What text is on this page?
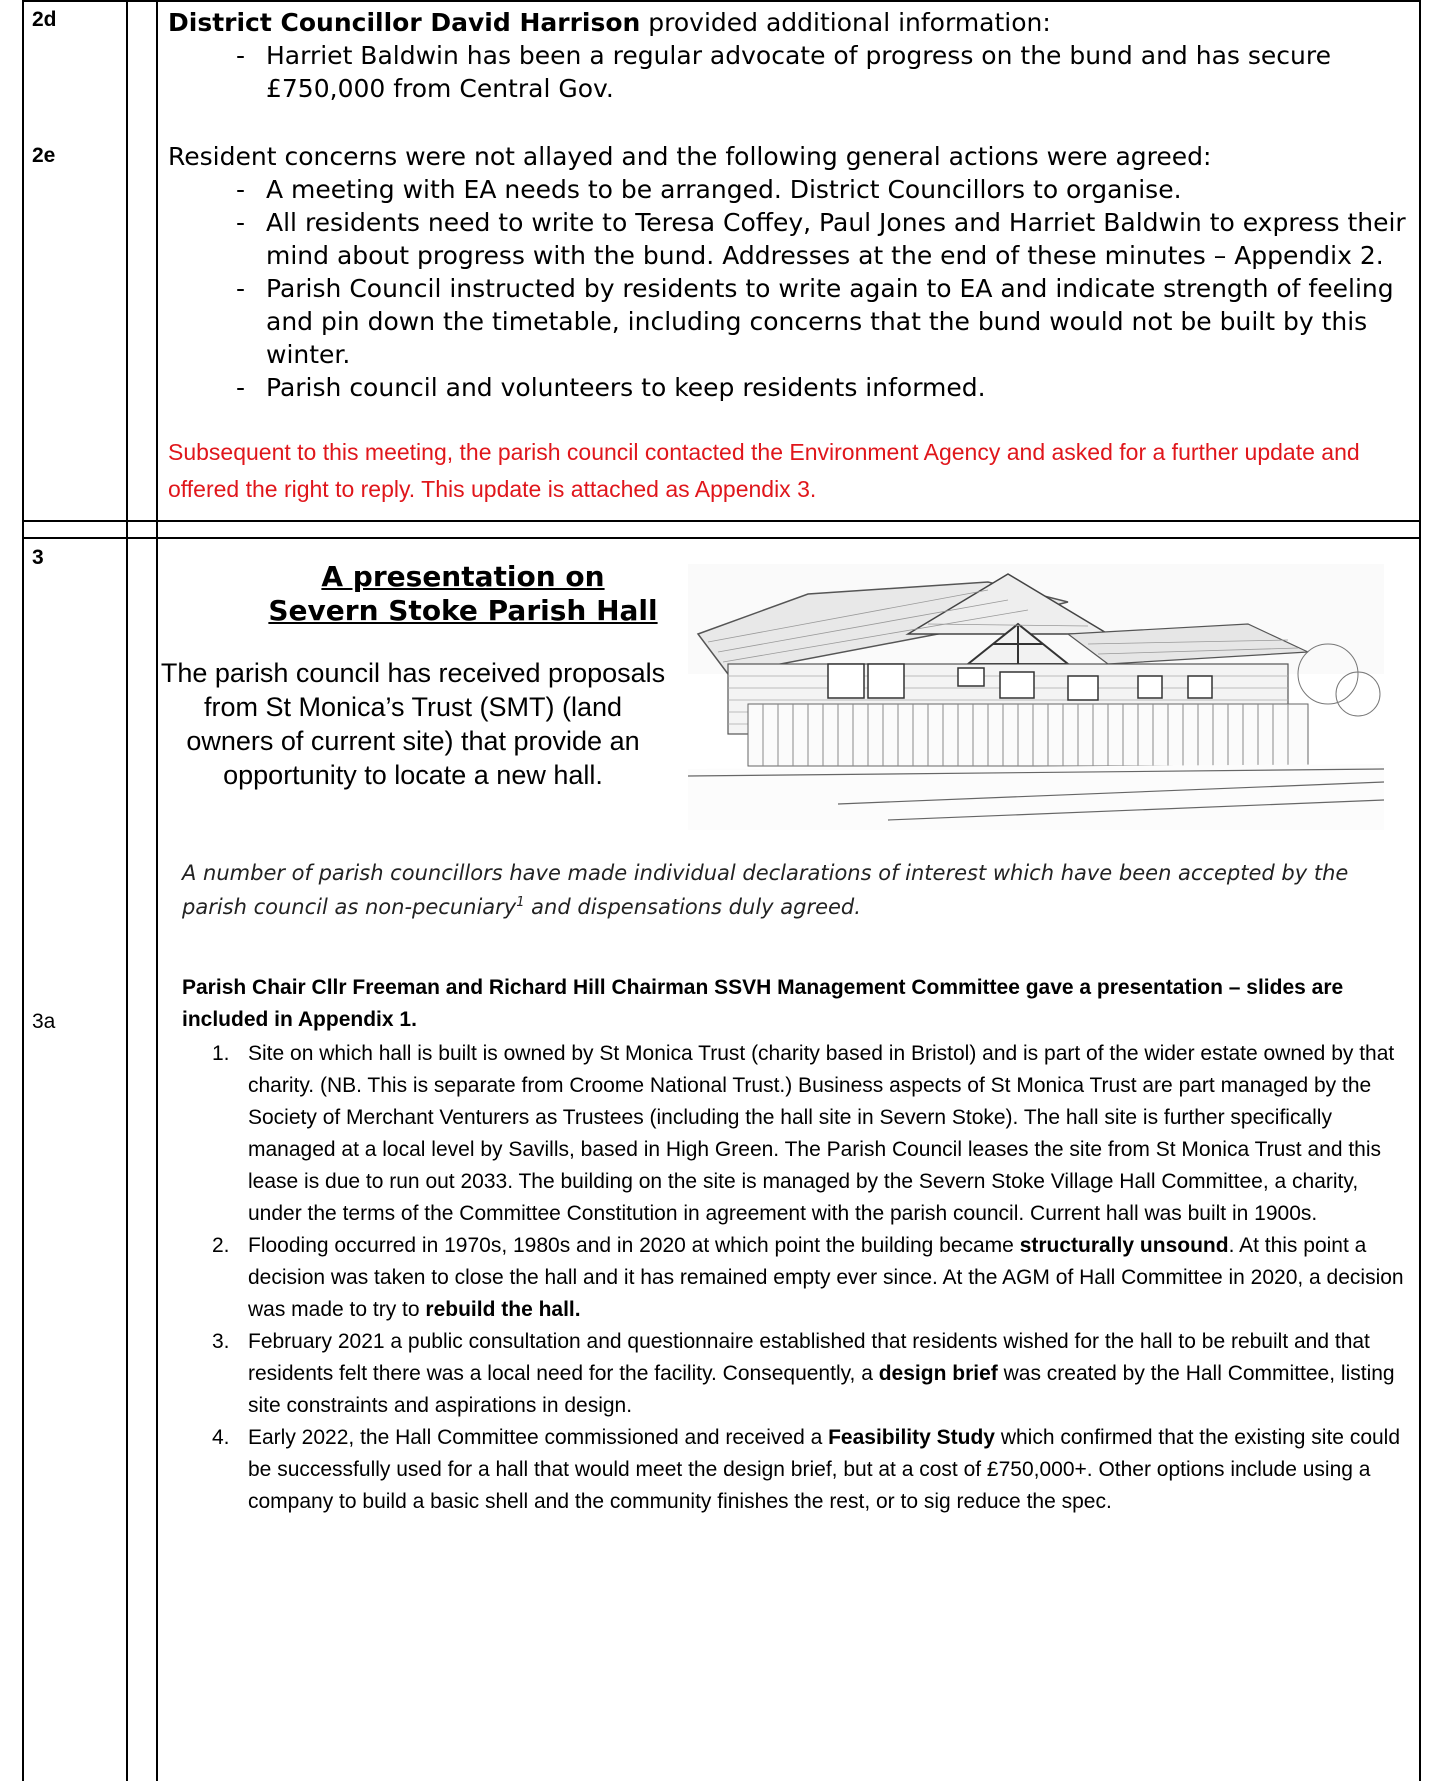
2d	District Councillor David Harrison provided additional information:
- Harriet Baldwin has been a regular advocate of progress on the bund and has secure £750,000 from Central Gov.
2e	Resident concerns were not allayed and the following general actions were agreed:
- A meeting with EA needs to be arranged. District Councillors to organise.
- All residents need to write to Teresa Coffey, Paul Jones and Harriet Baldwin to express their mind about progress with the bund. Addresses at the end of these minutes – Appendix 2.
- Parish Council instructed by residents to write again to EA and indicate strength of feeling and pin down the timetable, including concerns that the bund would not be built by this winter.
- Parish council and volunteers to keep residents informed.
Subsequent to this meeting, the parish council contacted the Environment Agency and asked for a further update and offered the right to reply. This update is attached as Appendix 3.
3
3a
A presentation on
Severn Stoke Parish Hall
The parish council has received proposals from St Monica’s Trust (SMT) (land owners of current site) that provide an opportunity to locate a new hall.
A number of parish councillors have made individual declarations of interest which have been accepted by the parish council as non-pecuniary$^1$ and dispensations duly agreed.
Parish Chair Cllr Freeman and Richard Hill Chairman SSVH Management Committee gave a presentation – slides are included in Appendix 1.
1. Site on which hall is built is owned by St Monica Trust (charity based in Bristol) and is part of the wider estate owned by that charity. (NB. This is separate from Croome National Trust.) Business aspects of St Monica Trust are part managed by the Society of Merchant Venturers as Trustees (including the hall site in Severn Stoke). The hall site is further specifically managed at a local level by Savills, based in High Green. The Parish Council leases the site from St Monica Trust and this lease is due to run out 2033. The building on the site is managed by the Severn Stoke Village Hall Committee, a charity, under the terms of the Committee Constitution in agreement with the parish council. Current hall was built in 1900s.
2. Flooding occurred in 1970s, 1980s and in 2020 at which point the building became structurally unsound. At this point a decision was taken to close the hall and it has remained empty ever since. At the AGM of Hall Committee in 2020, a decision was made to try to rebuild the hall.
3. February 2021 a public consultation and questionnaire established that residents wished for the hall to be rebuilt and that residents felt there was a local need for the facility. Consequently, a design brief was created by the Hall Committee, listing site constraints and aspirations in design.
4. Early 2022, the Hall Committee commissioned and received a Feasibility Study which confirmed that the existing site could be successfully used for a hall that would meet the design brief, but at a cost of £750,000+. Other options include using a company to build a basic shell and the community finishes the rest, or to sig reduce the spec.
